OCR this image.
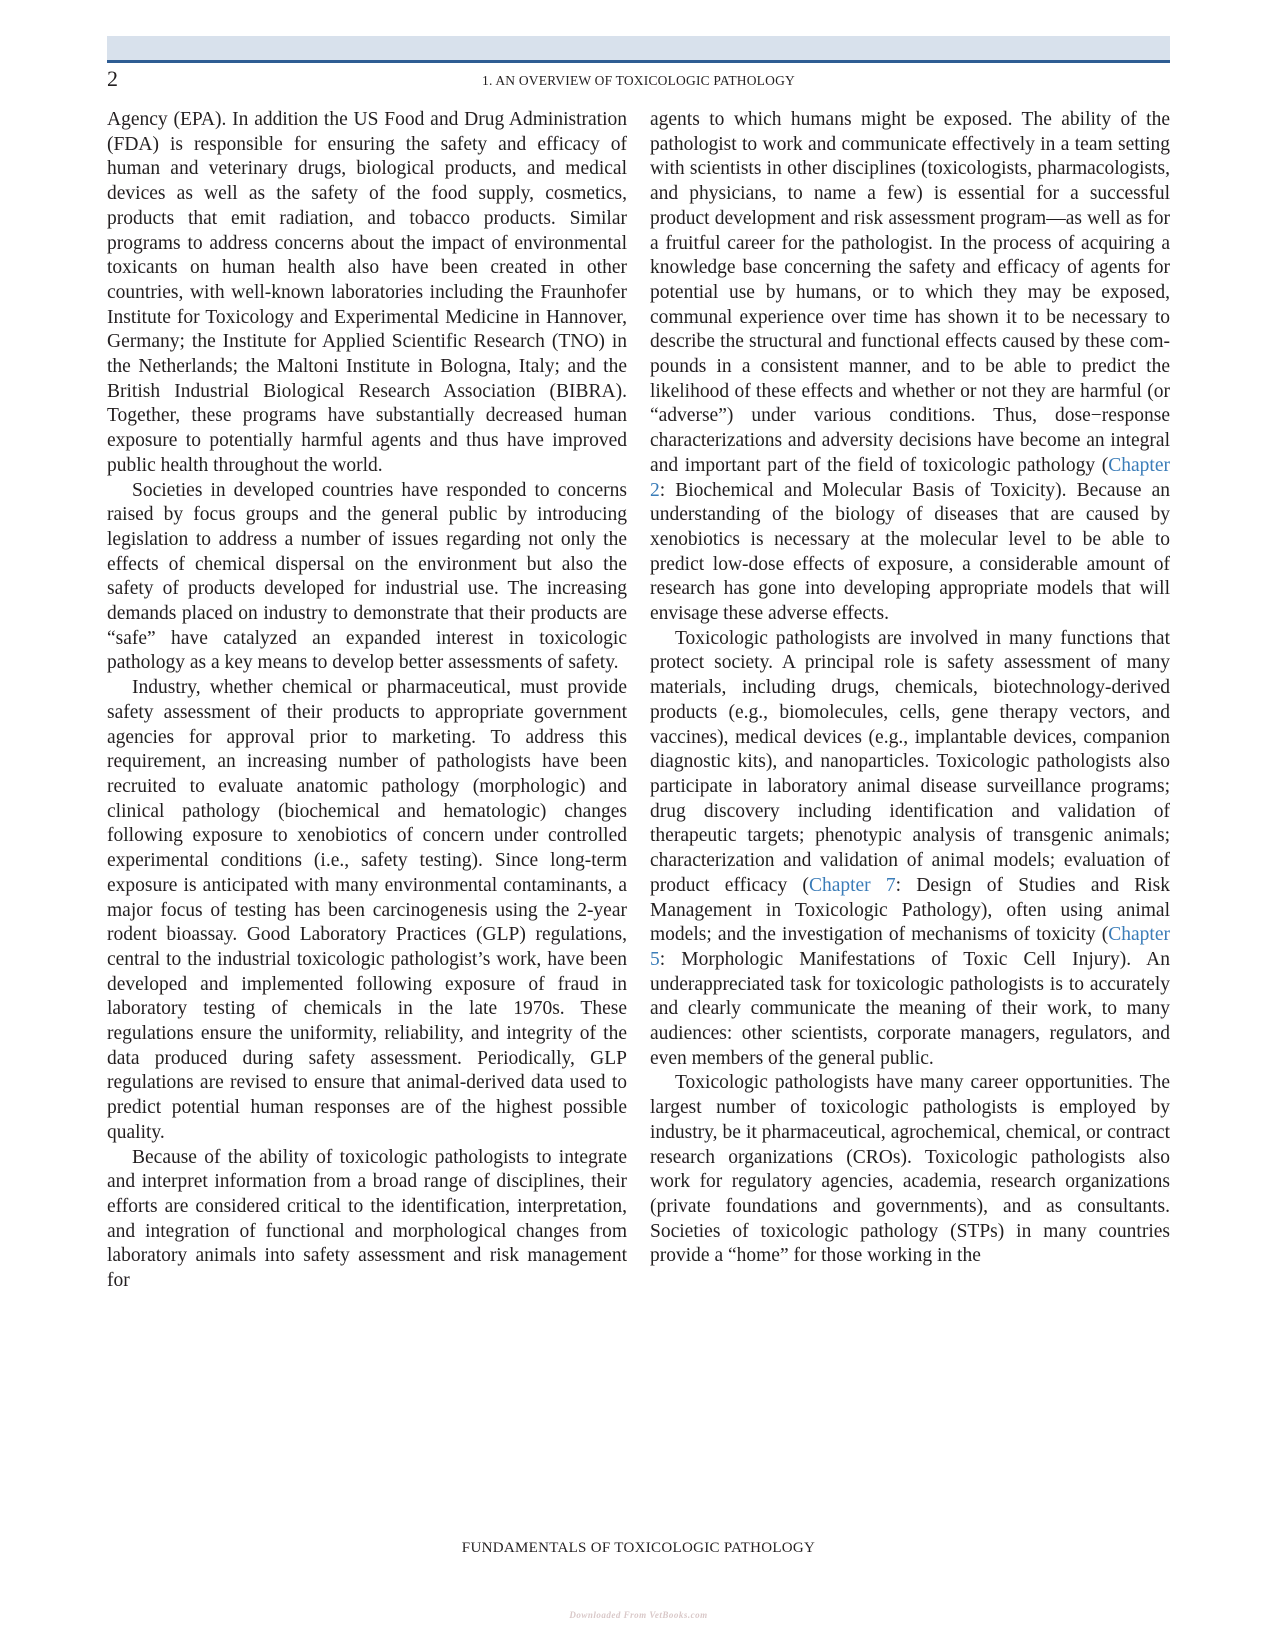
2	1. AN OVERVIEW OF TOXICOLOGIC PATHOLOGY

Agency (EPA). In addition the US Food and Drug Administration (FDA) is responsible for ensuring the safety and efficacy of human and veterinary drugs, biological products, and medical devices as well as the safety of the food supply, cosmetics, products that emit radiation, and tobacco products. Similar programs to address concerns about the impact of environmental toxicants on human health also have been created in other countries, with well-known laboratories including the Fraunhofer Institute for Toxicology and Experimental Medicine in Hannover, Germany; the Institute for Applied Scientific Research (TNO) in the Netherlands; the Maltoni Institute in Bologna, Italy; and the British Industrial Biological Research Association (BIBRA). Together, these programs have substantially decreased human exposure to potentially harmful agents and thus have improved public health throughout the world.

Societies in developed countries have responded to concerns raised by focus groups and the general public by introducing legislation to address a number of issues regarding not only the effects of chemical dispersal on the environment but also the safety of products developed for industrial use. The increasing demands placed on industry to demonstrate that their products are “safe” have catalyzed an expanded interest in toxicologic pathology as a key means to develop better assessments of safety.

Industry, whether chemical or pharmaceutical, must provide safety assessment of their products to appropriate government agencies for approval prior to marketing. To address this requirement, an increasing number of pathologists have been recruited to evaluate anatomic pathology (morphologic) and clinical pathology (biochemical and hematologic) changes following exposure to xenobiotics of concern under controlled experimental conditions (i.e., safety testing). Since long-term exposure is anticipated with many environmental contaminants, a major focus of testing has been carcinogenesis using the 2-year rodent bioassay. Good Laboratory Practices (GLP) regulations, central to the industrial toxicologic pathologist’s work, have been developed and implemented following exposure of fraud in laboratory testing of chemicals in the late 1970s. These regulations ensure the uniformity, reliability, and integrity of the data produced during safety assessment. Periodically, GLP regulations are revised to ensure that animal-derived data used to predict potential human responses are of the highest possible quality.

Because of the ability of toxicologic pathologists to integrate and interpret information from a broad range of disciplines, their efforts are considered critical to the identification, interpretation, and integration of functional and morphological changes from laboratory animals into safety assessment and risk management for

agents to which humans might be exposed. The ability of the pathologist to work and communicate effectively in a team setting with scientists in other disciplines (toxicologists, pharmacologists, and physicians, to name a few) is essential for a successful product development and risk assessment program—as well as for a fruitful career for the pathologist. In the process of acquiring a knowledge base concerning the safety and efficacy of agents for potential use by humans, or to which they may be exposed, communal experience over time has shown it to be necessary to describe the structural and functional effects caused by these compounds in a consistent manner, and to be able to predict the likelihood of these effects and whether or not they are harmful (or “adverse”) under various conditions. Thus, dose−response characterizations and adversity decisions have become an integral and important part of the field of toxicologic pathology (Chapter 2: Biochemical and Molecular Basis of Toxicity). Because an understanding of the biology of diseases that are caused by xenobiotics is necessary at the molecular level to be able to predict low-dose effects of exposure, a considerable amount of research has gone into developing appropriate models that will envisage these adverse effects.

Toxicologic pathologists are involved in many functions that protect society. A principal role is safety assessment of many materials, including drugs, chemicals, biotechnology-derived products (e.g., biomolecules, cells, gene therapy vectors, and vaccines), medical devices (e.g., implantable devices, companion diagnostic kits), and nanoparticles. Toxicologic pathologists also participate in laboratory animal disease surveillance programs; drug discovery including identification and validation of therapeutic targets; phenotypic analysis of transgenic animals; characterization and validation of animal models; evaluation of product efficacy (Chapter 7: Design of Studies and Risk Management in Toxicologic Pathology), often using animal models; and the investigation of mechanisms of toxicity (Chapter 5: Morphologic Manifestations of Toxic Cell Injury). An underappreciated task for toxicologic pathologists is to accurately and clearly communicate the meaning of their work, to many audiences: other scientists, corporate managers, regulators, and even members of the general public.

Toxicologic pathologists have many career opportunities. The largest number of toxicologic pathologists is employed by industry, be it pharmaceutical, agrochemical, chemical, or contract research organizations (CROs). Toxicologic pathologists also work for regulatory agencies, academia, research organizations (private foundations and governments), and as consultants. Societies of toxicologic pathology (STPs) in many countries provide a “home” for those working in the

FUNDAMENTALS OF TOXICOLOGIC PATHOLOGY
Downloaded From VetBooks.com
